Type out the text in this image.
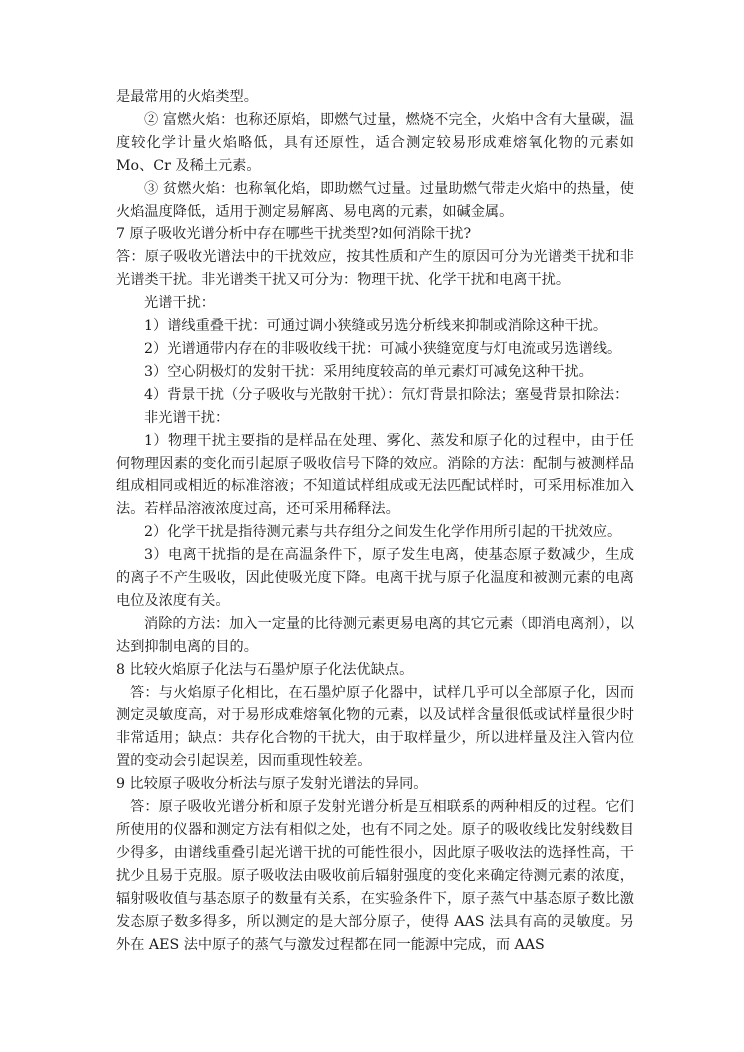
是最常用的火焰类型。

② 富燃火焰：也称还原焰，即燃气过量，燃烧不完全，火焰中含有大量碳，温度较化学计量火焰略低，具有还原性，适合测定较易形成难熔氧化物的元素如 Mo、Cr 及稀土元素。

③ 贫燃火焰：也称氧化焰，即助燃气过量。过量助燃气带走火焰中的热量，使火焰温度降低，适用于测定易解离、易电离的元素，如碱金属。

7 原子吸收光谱分析中存在哪些干扰类型?如何消除干扰?

答：原子吸收光谱法中的干扰效应，按其性质和产生的原因可分为光谱类干扰和非光谱类干扰。非光谱类干扰又可分为：物理干扰、化学干扰和电离干扰。

光谱干扰：

1）谱线重叠干扰：可通过调小狭缝或另选分析线来抑制或消除这种干扰。

2）光谱通带内存在的非吸收线干扰：可减小狭缝宽度与灯电流或另选谱线。

3）空心阴极灯的发射干扰：采用纯度较高的单元素灯可减免这种干扰。

4）背景干扰（分子吸收与光散射干扰）：氘灯背景扣除法；塞曼背景扣除法：

非光谱干扰：

1）物理干扰主要指的是样品在处理、雾化、蒸发和原子化的过程中，由于任何物理因素的变化而引起原子吸收信号下降的效应。消除的方法：配制与被测样品组成相同或相近的标准溶液；不知道试样组成或无法匹配试样时，可采用标准加入法。若样品溶液浓度过高，还可采用稀释法。

2）化学干扰是指待测元素与共存组分之间发生化学作用所引起的干扰效应。

3）电离干扰指的是在高温条件下，原子发生电离，使基态原子数减少，生成的离子不产生吸收，因此使吸光度下降。电离干扰与原子化温度和被测元素的电离电位及浓度有关。

消除的方法：加入一定量的比待测元素更易电离的其它元素（即消电离剂），以达到抑制电离的目的。

8 比较火焰原子化法与石墨炉原子化法优缺点。

答：与火焰原子化相比，在石墨炉原子化器中，试样几乎可以全部原子化，因而测定灵敏度高，对于易形成难熔氧化物的元素，以及试样含量很低或试样量很少时非常适用；缺点：共存化合物的干扰大，由于取样量少，所以进样量及注入管内位置的变动会引起误差，因而重现性较差。

9 比较原子吸收分析法与原子发射光谱法的异同。

答：原子吸收光谱分析和原子发射光谱分析是互相联系的两种相反的过程。它们所使用的仪器和测定方法有相似之处，也有不同之处。原子的吸收线比发射线数目少得多，由谱线重叠引起光谱干扰的可能性很小，因此原子吸收法的选择性高，干扰少且易于克服。原子吸收法由吸收前后辐射强度的变化来确定待测元素的浓度，辐射吸收值与基态原子的数量有关系，在实验条件下，原子蒸气中基态原子数比激发态原子数多得多，所以测定的是大部分原子，使得 AAS 法具有高的灵敏度。另外在 AES 法中原子的蒸气与激发过程都在同一能源中完成，而 AAS
